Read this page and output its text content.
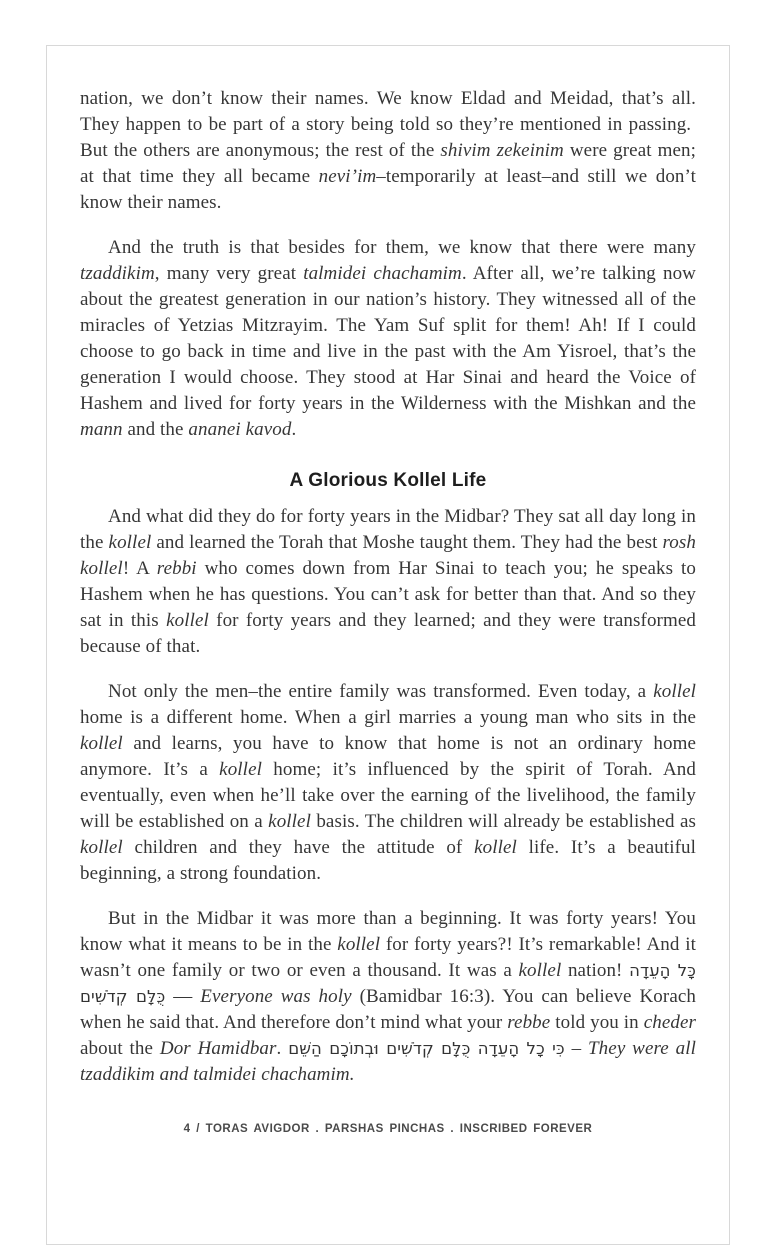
nation, we don’t know their names. We know Eldad and Meidad, that’s all. They happen to be part of a story being told so they’re mentioned in passing.  But the others are anonymous; the rest of the shivim zekeinim were great men; at that time they all became nevi’im–temporarily at least–and still we don’t know their names.

And the truth is that besides for them, we know that there were many tzaddikim, many very great talmidei chachamim. After all, we’re talking now about the greatest generation in our nation’s history. They witnessed all of the miracles of Yetzias Mitzrayim. The Yam Suf split for them! Ah! If I could choose to go back in time and live in the past with the Am Yisroel, that’s the generation I would choose. They stood at Har Sinai and heard the Voice of Hashem and lived for forty years in the Wilderness with the Mishkan and the mann and the ananei kavod.

A Glorious Kollel Life

And what did they do for forty years in the Midbar? They sat all day long in the kollel and learned the Torah that Moshe taught them. They had the best rosh kollel! A rebbi who comes down from Har Sinai to teach you; he speaks to Hashem when he has questions. You can’t ask for better than that. And so they sat in this kollel for forty years and they learned; and they were transformed because of that.

Not only the men–the entire family was transformed. Even today, a kollel home is a different home. When a girl marries a young man who sits in the kollel and learns, you have to know that home is not an ordinary home anymore. It’s a kollel home; it’s influenced by the spirit of Torah. And eventually, even when he’ll take over the earning of the livelihood, the family will be established on a kollel basis. The children will already be established as kollel children and they have the attitude of kollel life. It’s a beautiful beginning, a strong foundation.

But in the Midbar it was more than a beginning. It was forty years! You know what it means to be in the kollel for forty years?! It’s remarkable! And it wasn’t one family or two or even a thousand. It was a kollel nation! כָּל הָעֵדָה כֻּלָּם קְדֹשִׁים — Everyone was holy (Bamidbar 16:3). You can believe Korach when he said that. And therefore don’t mind what your rebbe told you in cheder about the Dor Hamidbar. כִּי כָל הָעֵדָה כֻּלָּם קְדֹשִׁים וּבְתוֹכָם הַשֵּׁם – They were all tzaddikim and talmidei chachamim.

4 / TORAS AVIGDOR . PARSHAS PINCHAS . INSCRIBED FOREVER
